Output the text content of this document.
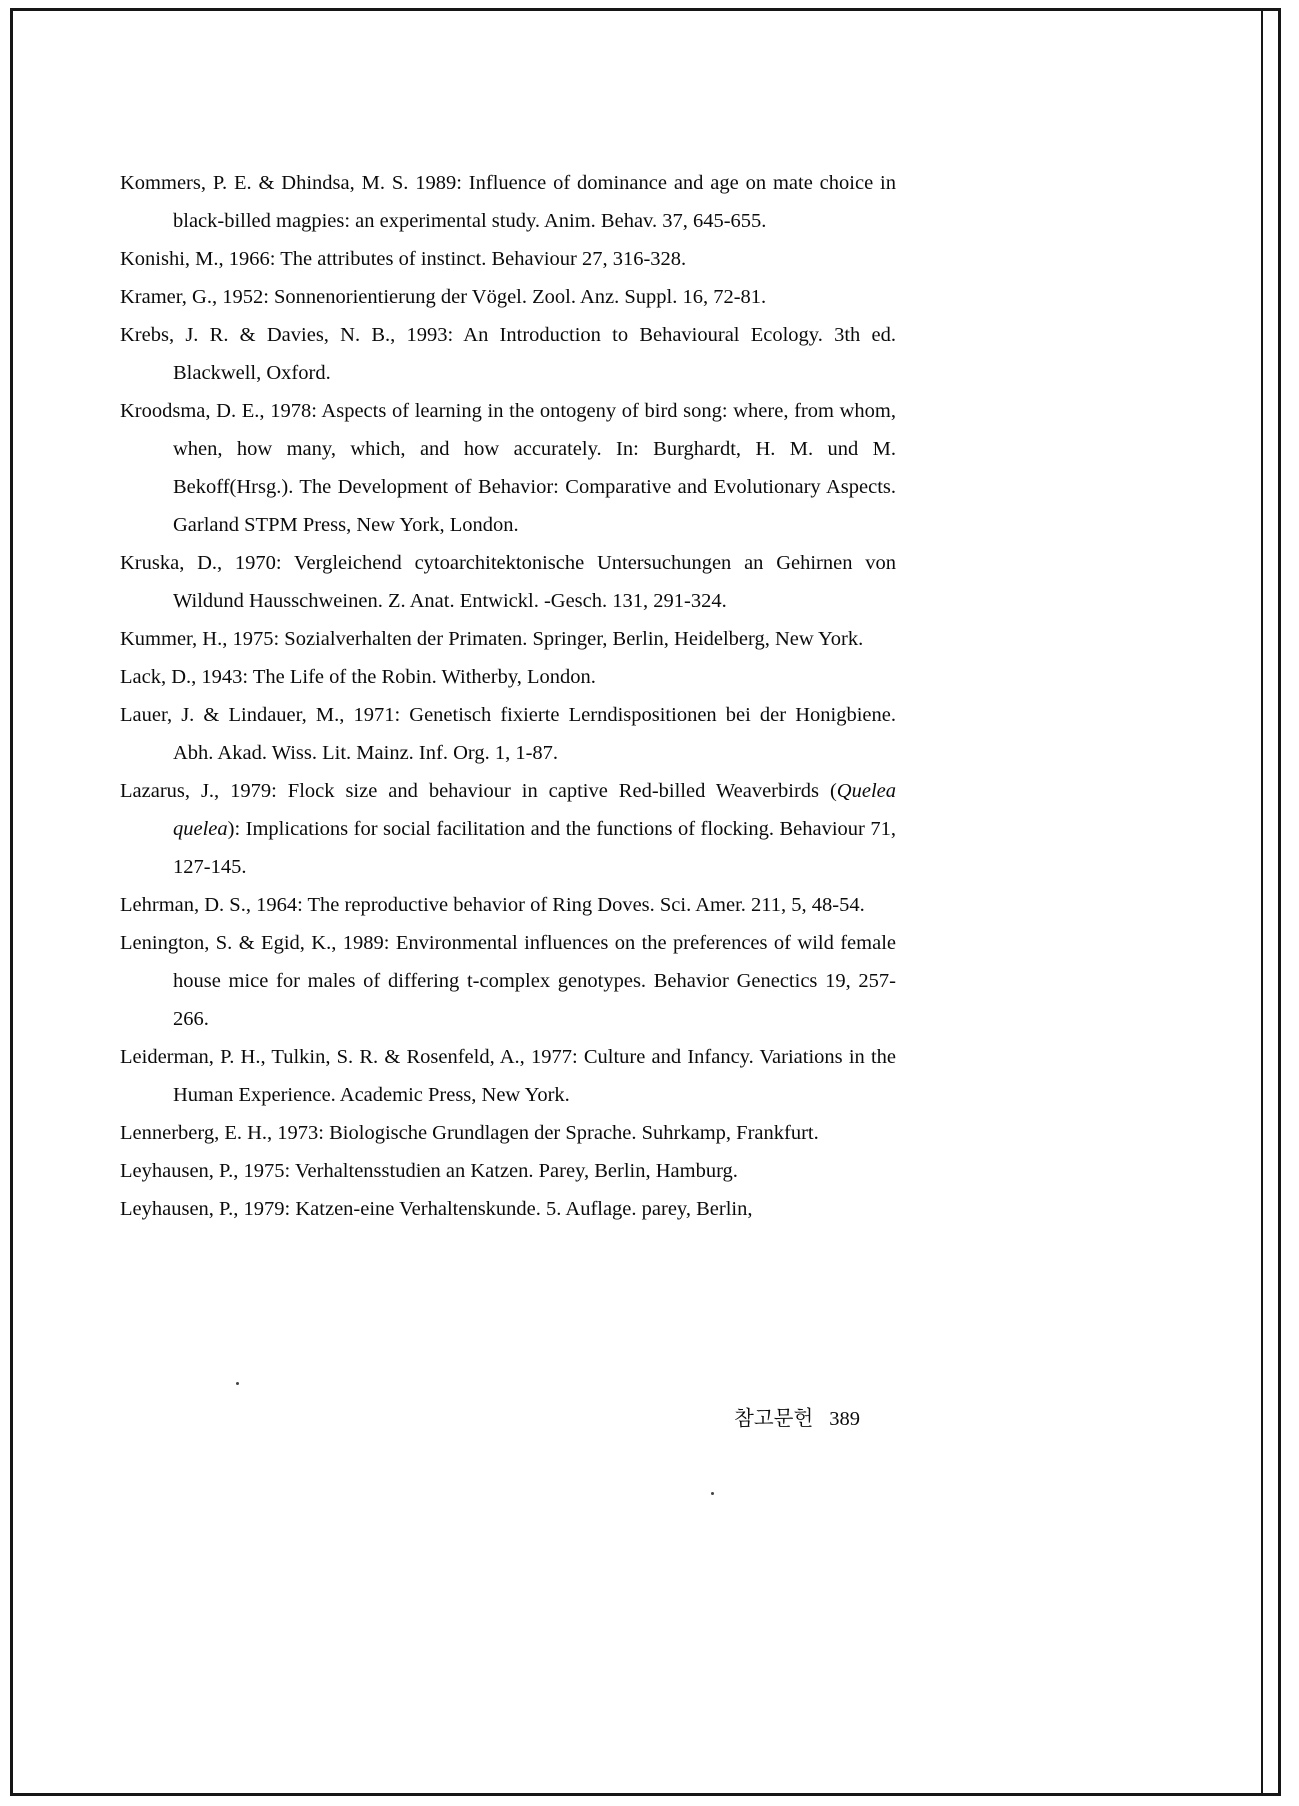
Kommers, P. E. & Dhindsa, M. S. 1989: Influence of dominance and age on mate choice in black-billed magpies: an experimental study. Anim. Behav. 37, 645-655.

Konishi, M., 1966: The attributes of instinct. Behaviour 27, 316-328.

Kramer, G., 1952: Sonnenorientierung der Vögel. Zool. Anz. Suppl. 16, 72-81.

Krebs, J. R. & Davies, N. B., 1993: An Introduction to Behavioural Ecology. 3th ed. Blackwell, Oxford.

Kroodsma, D. E., 1978: Aspects of learning in the ontogeny of bird song: where, from whom, when, how many, which, and how accurately. In: Burghardt, H. M. und M. Bekoff(Hrsg.). The Development of Behavior: Comparative and Evolutionary Aspects. Garland STPM Press, New York, London.

Kruska, D., 1970: Vergleichend cytoarchitektonische Untersuchungen an Gehirnen von Wildund Hausschweinen. Z. Anat. Entwickl. -Gesch. 131, 291-324.

Kummer, H., 1975: Sozialverhalten der Primaten. Springer, Berlin, Heidelberg, New York.

Lack, D., 1943: The Life of the Robin. Witherby, London.

Lauer, J. & Lindauer, M., 1971: Genetisch fixierte Lerndispositionen bei der Honigbiene. Abh. Akad. Wiss. Lit. Mainz. Inf. Org. 1, 1-87.

Lazarus, J., 1979: Flock size and behaviour in captive Red-billed Weaverbirds (Quelea quelea): Implications for social facilitation and the functions of flocking. Behaviour 71, 127-145.

Lehrman, D. S., 1964: The reproductive behavior of Ring Doves. Sci. Amer. 211, 5, 48-54.

Lenington, S. & Egid, K., 1989: Environmental influences on the preferences of wild female house mice for males of differing t-complex genotypes. Behavior Genectics 19, 257-266.

Leiderman, P. H., Tulkin, S. R. & Rosenfeld, A., 1977: Culture and Infancy. Variations in the Human Experience. Academic Press, New York.

Lennerberg, E. H., 1973: Biologische Grundlagen der Sprache. Suhrkamp, Frankfurt.

Leyhausen, P., 1975: Verhaltensstudien an Katzen. Parey, Berlin, Hamburg.

Leyhausen, P., 1979: Katzen-eine Verhaltenskunde. 5. Auflage. parey, Berlin,

참고문헌 389
